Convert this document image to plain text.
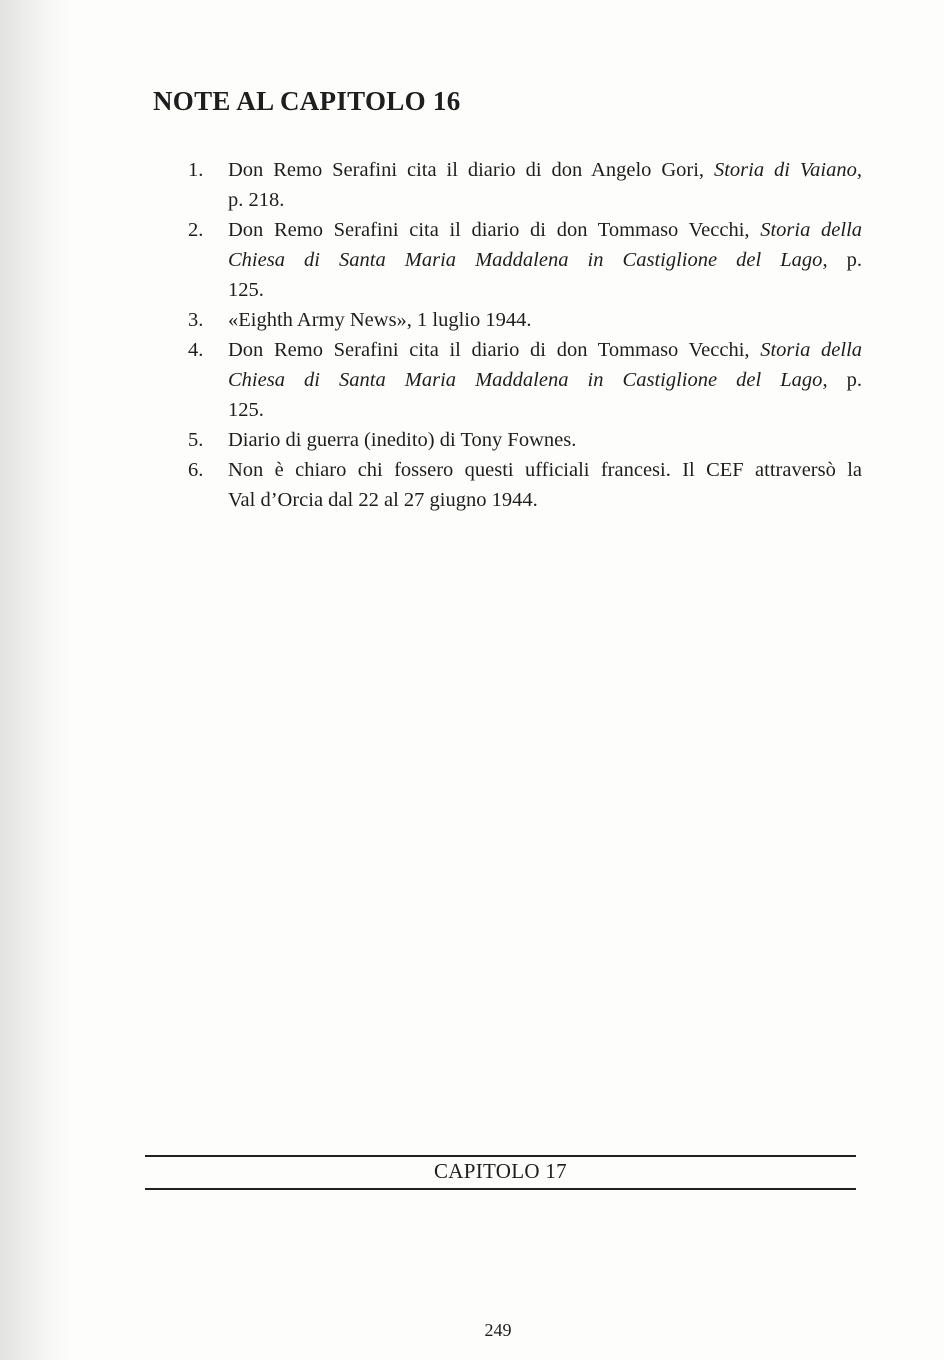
NOTE AL CAPITOLO 16
1.	Don Remo Serafini cita il diario di don Angelo Gori, Storia di Vaiano,
p. 218.
2.	Don Remo Serafini cita il diario di don Tommaso Vecchi, Storia della
Chiesa di Santa Maria Maddalena in Castiglione del Lago, p.
125.
3.	«Eighth Army News», 1 luglio 1944.
4.	Don Remo Serafini cita il diario di don Tommaso Vecchi, Storia della
Chiesa di Santa Maria Maddalena in Castiglione del Lago, p.
125.
5.	Diario di guerra (inedito) di Tony Fownes.
6.	Non è chiaro chi fossero questi ufficiali francesi. Il CEF attraversò la
Val d’Orcia dal 22 al 27 giugno 1944.
CAPITOLO 17
249
